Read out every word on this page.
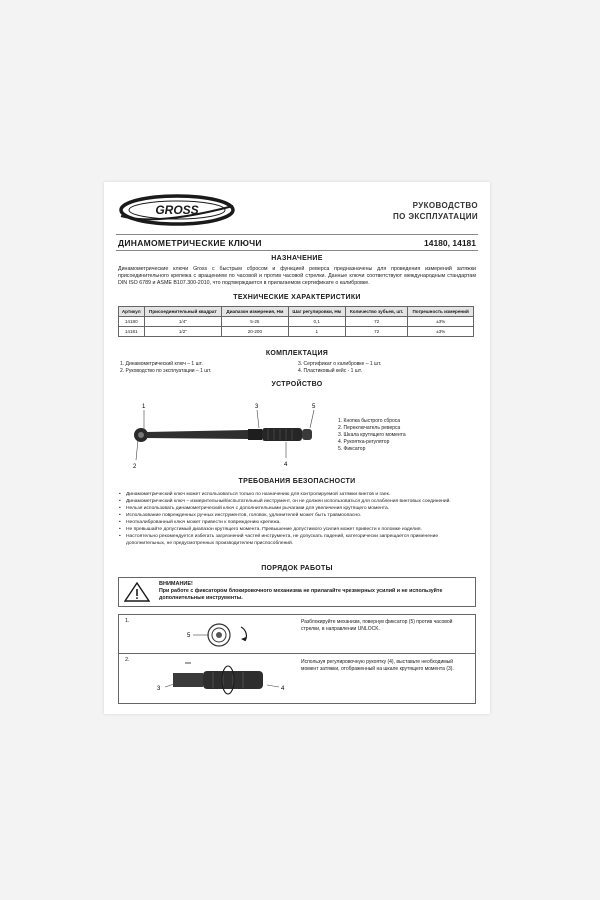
GROSS	РУКОВОДСТВО
ПО ЭКСПЛУАТАЦИИ
ДИНАМОМЕТРИЧЕСКИЕ КЛЮЧИ	14180, 14181
НАЗНАЧЕНИЕ
Динамометрические ключи Gross с быстрым сбросом и функцией реверса предназначены для проведения измерений затяжки присоединительного крепежа с вращением по часовой и против часовой стрелки. Данные ключи соответствуют международным стандартам DIN ISO 6789 и ASME B107.300-2010, что подтверждается в прилагаемом сертификате о калибровке.
ТЕХНИЧЕСКИЕ ХАРАКТЕРИСТИКИ
Артикул	Присоединительный квадрат	Диапазон измерения, Нм	Шаг регулировки, Нм	Количество зубьев, шт.	Погрешность измерений
14180	1/4"	5-25	0,1	72	±3%
14181	1/2"	20-200	1	72	±3%
КОМПЛЕКТАЦИЯ
1. Динамометрический ключ – 1 шт.
2. Руководство по эксплуатации – 1 шт.
3. Сертификат о калибровке – 1 шт.
4. Пластиковый кейс - 1 шт.
УСТРОЙСТВО
1
2
3
4
5
1. Кнопка быстрого сброса
2. Переключатель реверса
3. Шкала крутящего момента
4. Рукоятка-регулятор
5. Фиксатор
ТРЕБОВАНИЯ БЕЗОПАСНОСТИ
• Динамометрический ключ может использоваться только по назначению для контролируемой затяжки винтов и гаек.
• Динамометрический ключ – измерительный/испытательный инструмент, он не должен использоваться для ослабления винтовых соединений.
• Нельзя использовать динамометрический ключ с дополнительными рычагами для увеличения крутящего момента.
• Использование поврежденных ручных инструментов, головок, удлинителей может быть травмоопасно.
• Неоткалиброванный ключ может привести к повреждению крепежа.
• Не превышайте допустимый диапазон крутящего момента. Превышение допустимого усилия может привести к поломке изделия.
• Настоятельно рекомендуется избегать загрязнений частей инструмента, не допускать падений, категорически запрещается применение дополнительных, не предусмотренных производителем приспособлений.
ПОРЯДОК РАБОТЫ
ВНИМАНИЕ!
При работе с фиксатором блокировочного механизма не прилагайте чрезмерных усилий и не используйте дополнительные инструменты.
1.
5
Разблокируйте механизм, повернув фиксатор (5) против часовой стрелки, в направлении UNLOCK.
2.
3	4
Используя регулировочную рукоятку (4), выставьте необходимый момент затяжки, отображенный на шкале крутящего момента (3).
